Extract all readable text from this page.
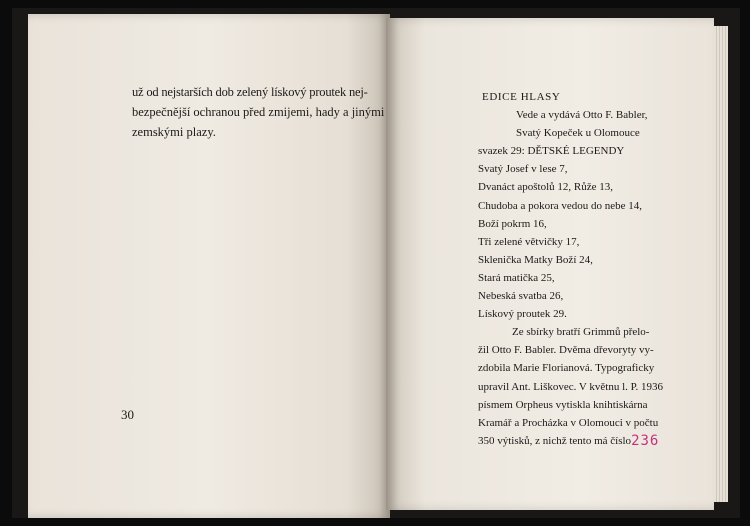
už od nejstarších dob zelený lískový proutek nej-
bezpečnější ochranou před zmijemi, hady a jinými
zemskými plazy.
30
EDICE HLASY
Vede a vydává Otto F. Babler,
Svatý Kopeček u Olomouce
svazek 29: DĚTSKÉ LEGENDY
Svatý Josef v lese 7,
Dvanáct apoštolů 12, Růže 13,
Chudoba a pokora vedou do nebe 14,
Boží pokrm 16,
Tři zelené větvičky 17,
Sklenička Matky Boží 24,
Stará matička 25,
Nebeská svatba 26,
Lískový proutek 29.
Ze sbírky bratří Grimmů přelo-
žil Otto F. Babler. Dvěma dřevoryty vy-
zdobila Marie Florianová. Typograficky
upravil Ant. Liškovec. V květnu l. P. 1936
písmem Orpheus vytiskla knihtiskárna
Kramář a Procházka v Olomouci v počtu
350 výtisků, z nichž tento má číslo236
